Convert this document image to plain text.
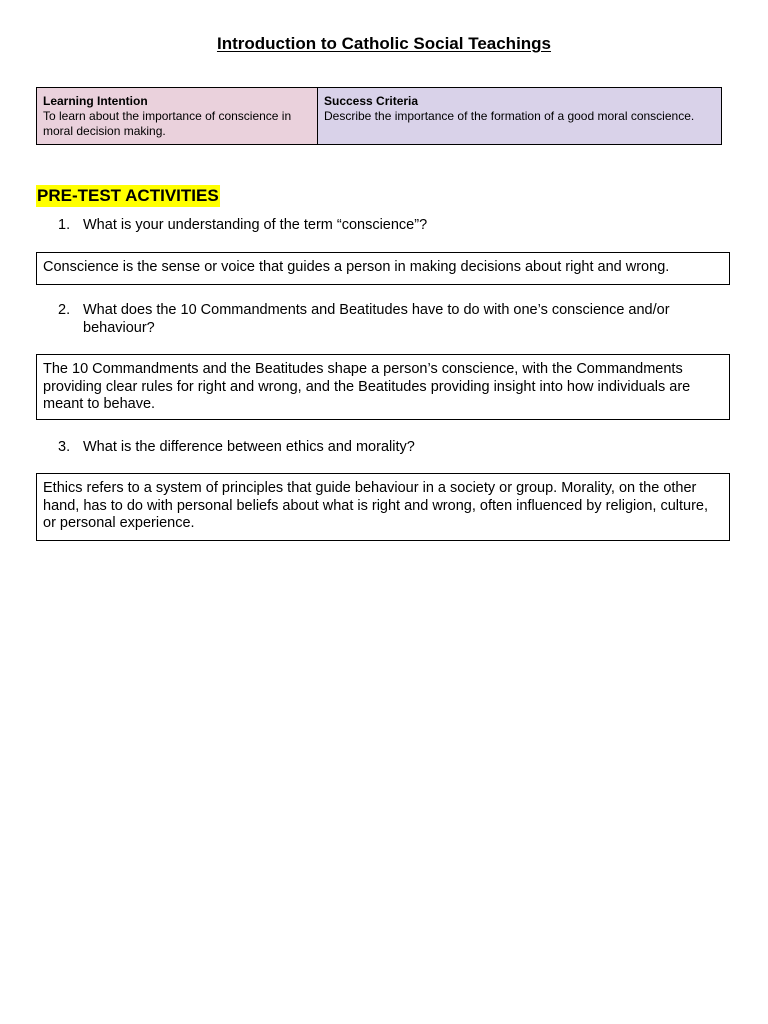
Introduction to Catholic Social Teachings
Learning Intention
To learn about the importance of conscience in moral decision making.
Success Criteria
Describe the importance of the formation of a good moral conscience.
PRE-TEST ACTIVITIES
1. What is your understanding of the term “conscience”?
Conscience is the sense or voice that guides a person in making decisions about right and wrong.
2. What does the 10 Commandments and Beatitudes have to do with one’s conscience and/or behaviour?
The 10 Commandments and the Beatitudes shape a person’s conscience, with the Commandments providing clear rules for right and wrong, and the Beatitudes providing insight into how individuals are meant to behave.
3. What is the difference between ethics and morality?
Ethics refers to a system of principles that guide behaviour in a society or group. Morality, on the other hand, has to do with personal beliefs about what is right and wrong, often influenced by religion, culture, or personal experience.
